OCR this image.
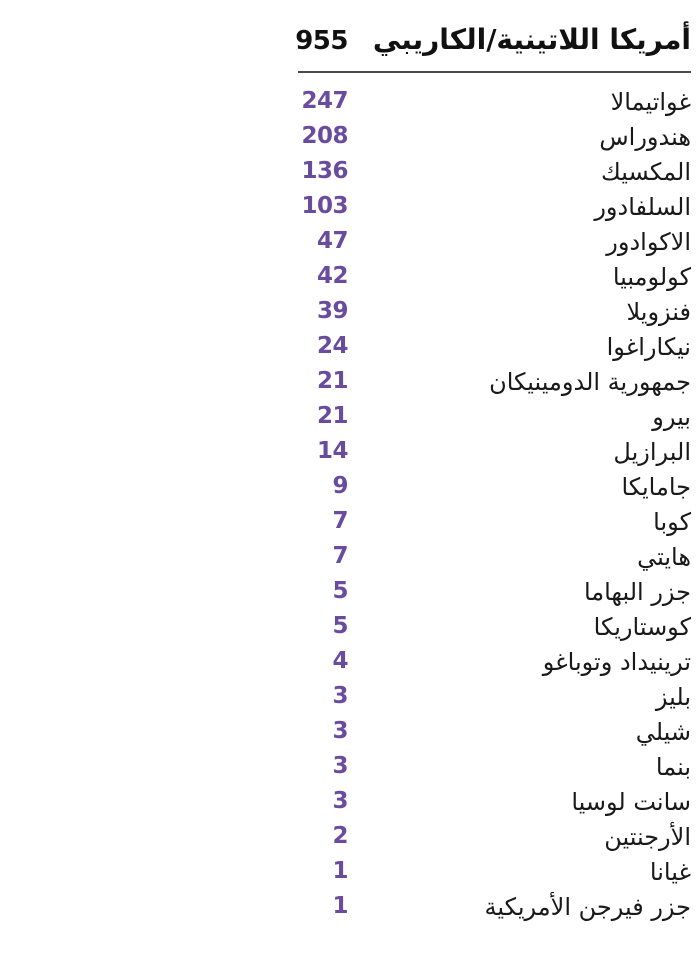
أمريكا اللاتينية/الكاريبي
955
غواتيمالا
247
هندوراس
208
المكسيك
136
السلفادور
103
الاكوادور
47
كولومبيا
42
فنزويلا
39
نيكاراغوا
24
جمهورية الدومينيكان
21
بيرو
21
البرازيل
14
جامايكا
9
كوبا
7
هايتي
7
جزر البهاما
5
كوستاريكا
5
ترينيداد وتوباغو
4
بليز
3
شيلي
3
بنما
3
سانت لوسيا
3
الأرجنتين
2
غيانا
1
جزر فيرجن الأمريكية
1
